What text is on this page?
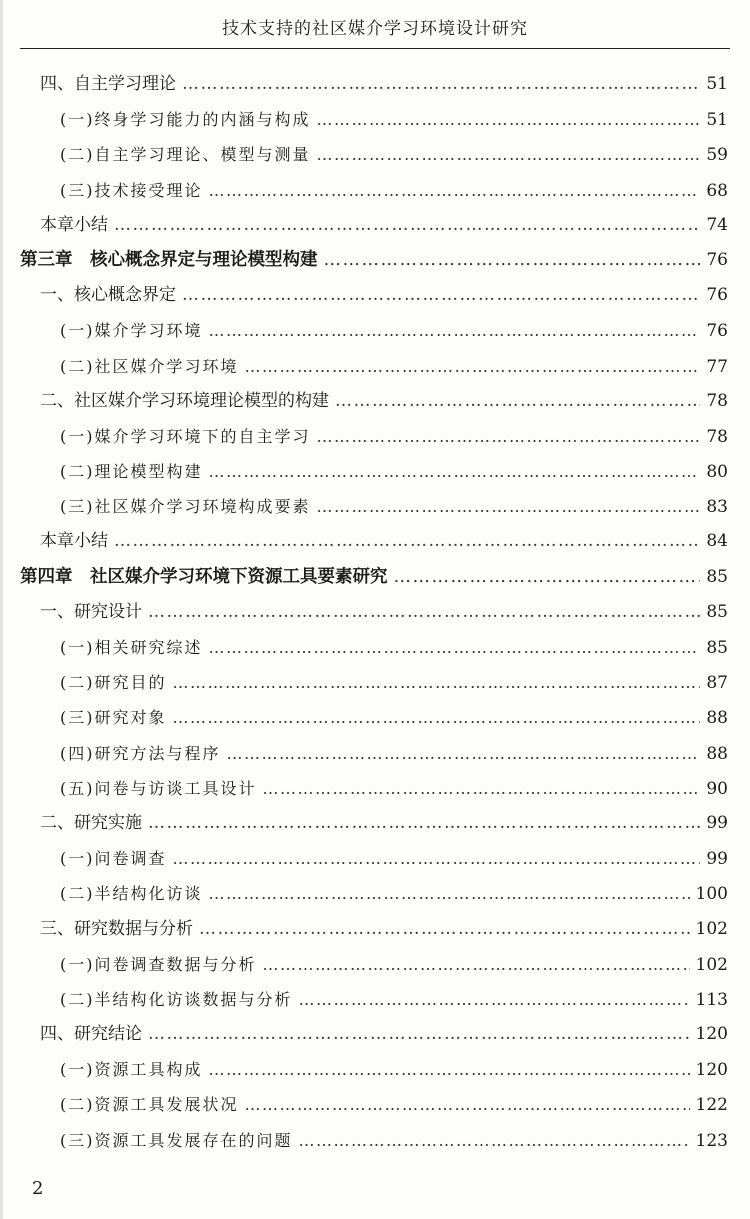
技术支持的社区媒介学习环境设计研究
四、自主学习理论 ………………………………………………………………………………………………………………………………………………………………………………………………………………	51
(一)终身学习能力的内涵与构成 ………………………………………………………………………………………………………………………………………………………………………………………………………………	51
(二)自主学习理论、模型与测量 ………………………………………………………………………………………………………………………………………………………………………………………………………………	59
(三)技术接受理论 ………………………………………………………………………………………………………………………………………………………………………………………………………………	68
本章小结 ………………………………………………………………………………………………………………………………………………………………………………………………………………	74
第三章　核心概念界定与理论模型构建 ………………………………………………………………………………………………………………………………………………………………………………………………………………	76
一、核心概念界定 ………………………………………………………………………………………………………………………………………………………………………………………………………………	76
(一)媒介学习环境 ………………………………………………………………………………………………………………………………………………………………………………………………………………	76
(二)社区媒介学习环境 ………………………………………………………………………………………………………………………………………………………………………………………………………………	77
二、社区媒介学习环境理论模型的构建 ………………………………………………………………………………………………………………………………………………………………………………………………………………	78
(一)媒介学习环境下的自主学习 ………………………………………………………………………………………………………………………………………………………………………………………………………………	78
(二)理论模型构建 ………………………………………………………………………………………………………………………………………………………………………………………………………………	80
(三)社区媒介学习环境构成要素 ………………………………………………………………………………………………………………………………………………………………………………………………………………	83
本章小结 ………………………………………………………………………………………………………………………………………………………………………………………………………………	84
第四章　社区媒介学习环境下资源工具要素研究 ………………………………………………………………………………………………………………………………………………………………………………………………………………	85
一、研究设计 ………………………………………………………………………………………………………………………………………………………………………………………………………………	85
(一)相关研究综述 ………………………………………………………………………………………………………………………………………………………………………………………………………………	85
(二)研究目的 ………………………………………………………………………………………………………………………………………………………………………………………………………………	87
(三)研究对象 ………………………………………………………………………………………………………………………………………………………………………………………………………………	88
(四)研究方法与程序 ………………………………………………………………………………………………………………………………………………………………………………………………………………	88
(五)问卷与访谈工具设计 ………………………………………………………………………………………………………………………………………………………………………………………………………………	90
二、研究实施 ………………………………………………………………………………………………………………………………………………………………………………………………………………	99
(一)问卷调查 ………………………………………………………………………………………………………………………………………………………………………………………………………………	99
(二)半结构化访谈 ………………………………………………………………………………………………………………………………………………………………………………………………………………	100
三、研究数据与分析 ………………………………………………………………………………………………………………………………………………………………………………………………………………	102
(一)问卷调查数据与分析 ………………………………………………………………………………………………………………………………………………………………………………………………………………	102
(二)半结构化访谈数据与分析 ………………………………………………………………………………………………………………………………………………………………………………………………………………	113
四、研究结论 ………………………………………………………………………………………………………………………………………………………………………………………………………………	120
(一)资源工具构成 ………………………………………………………………………………………………………………………………………………………………………………………………………………	120
(二)资源工具发展状况 ………………………………………………………………………………………………………………………………………………………………………………………………………………	122
(三)资源工具发展存在的问题 ………………………………………………………………………………………………………………………………………………………………………………………………………………	123
2
